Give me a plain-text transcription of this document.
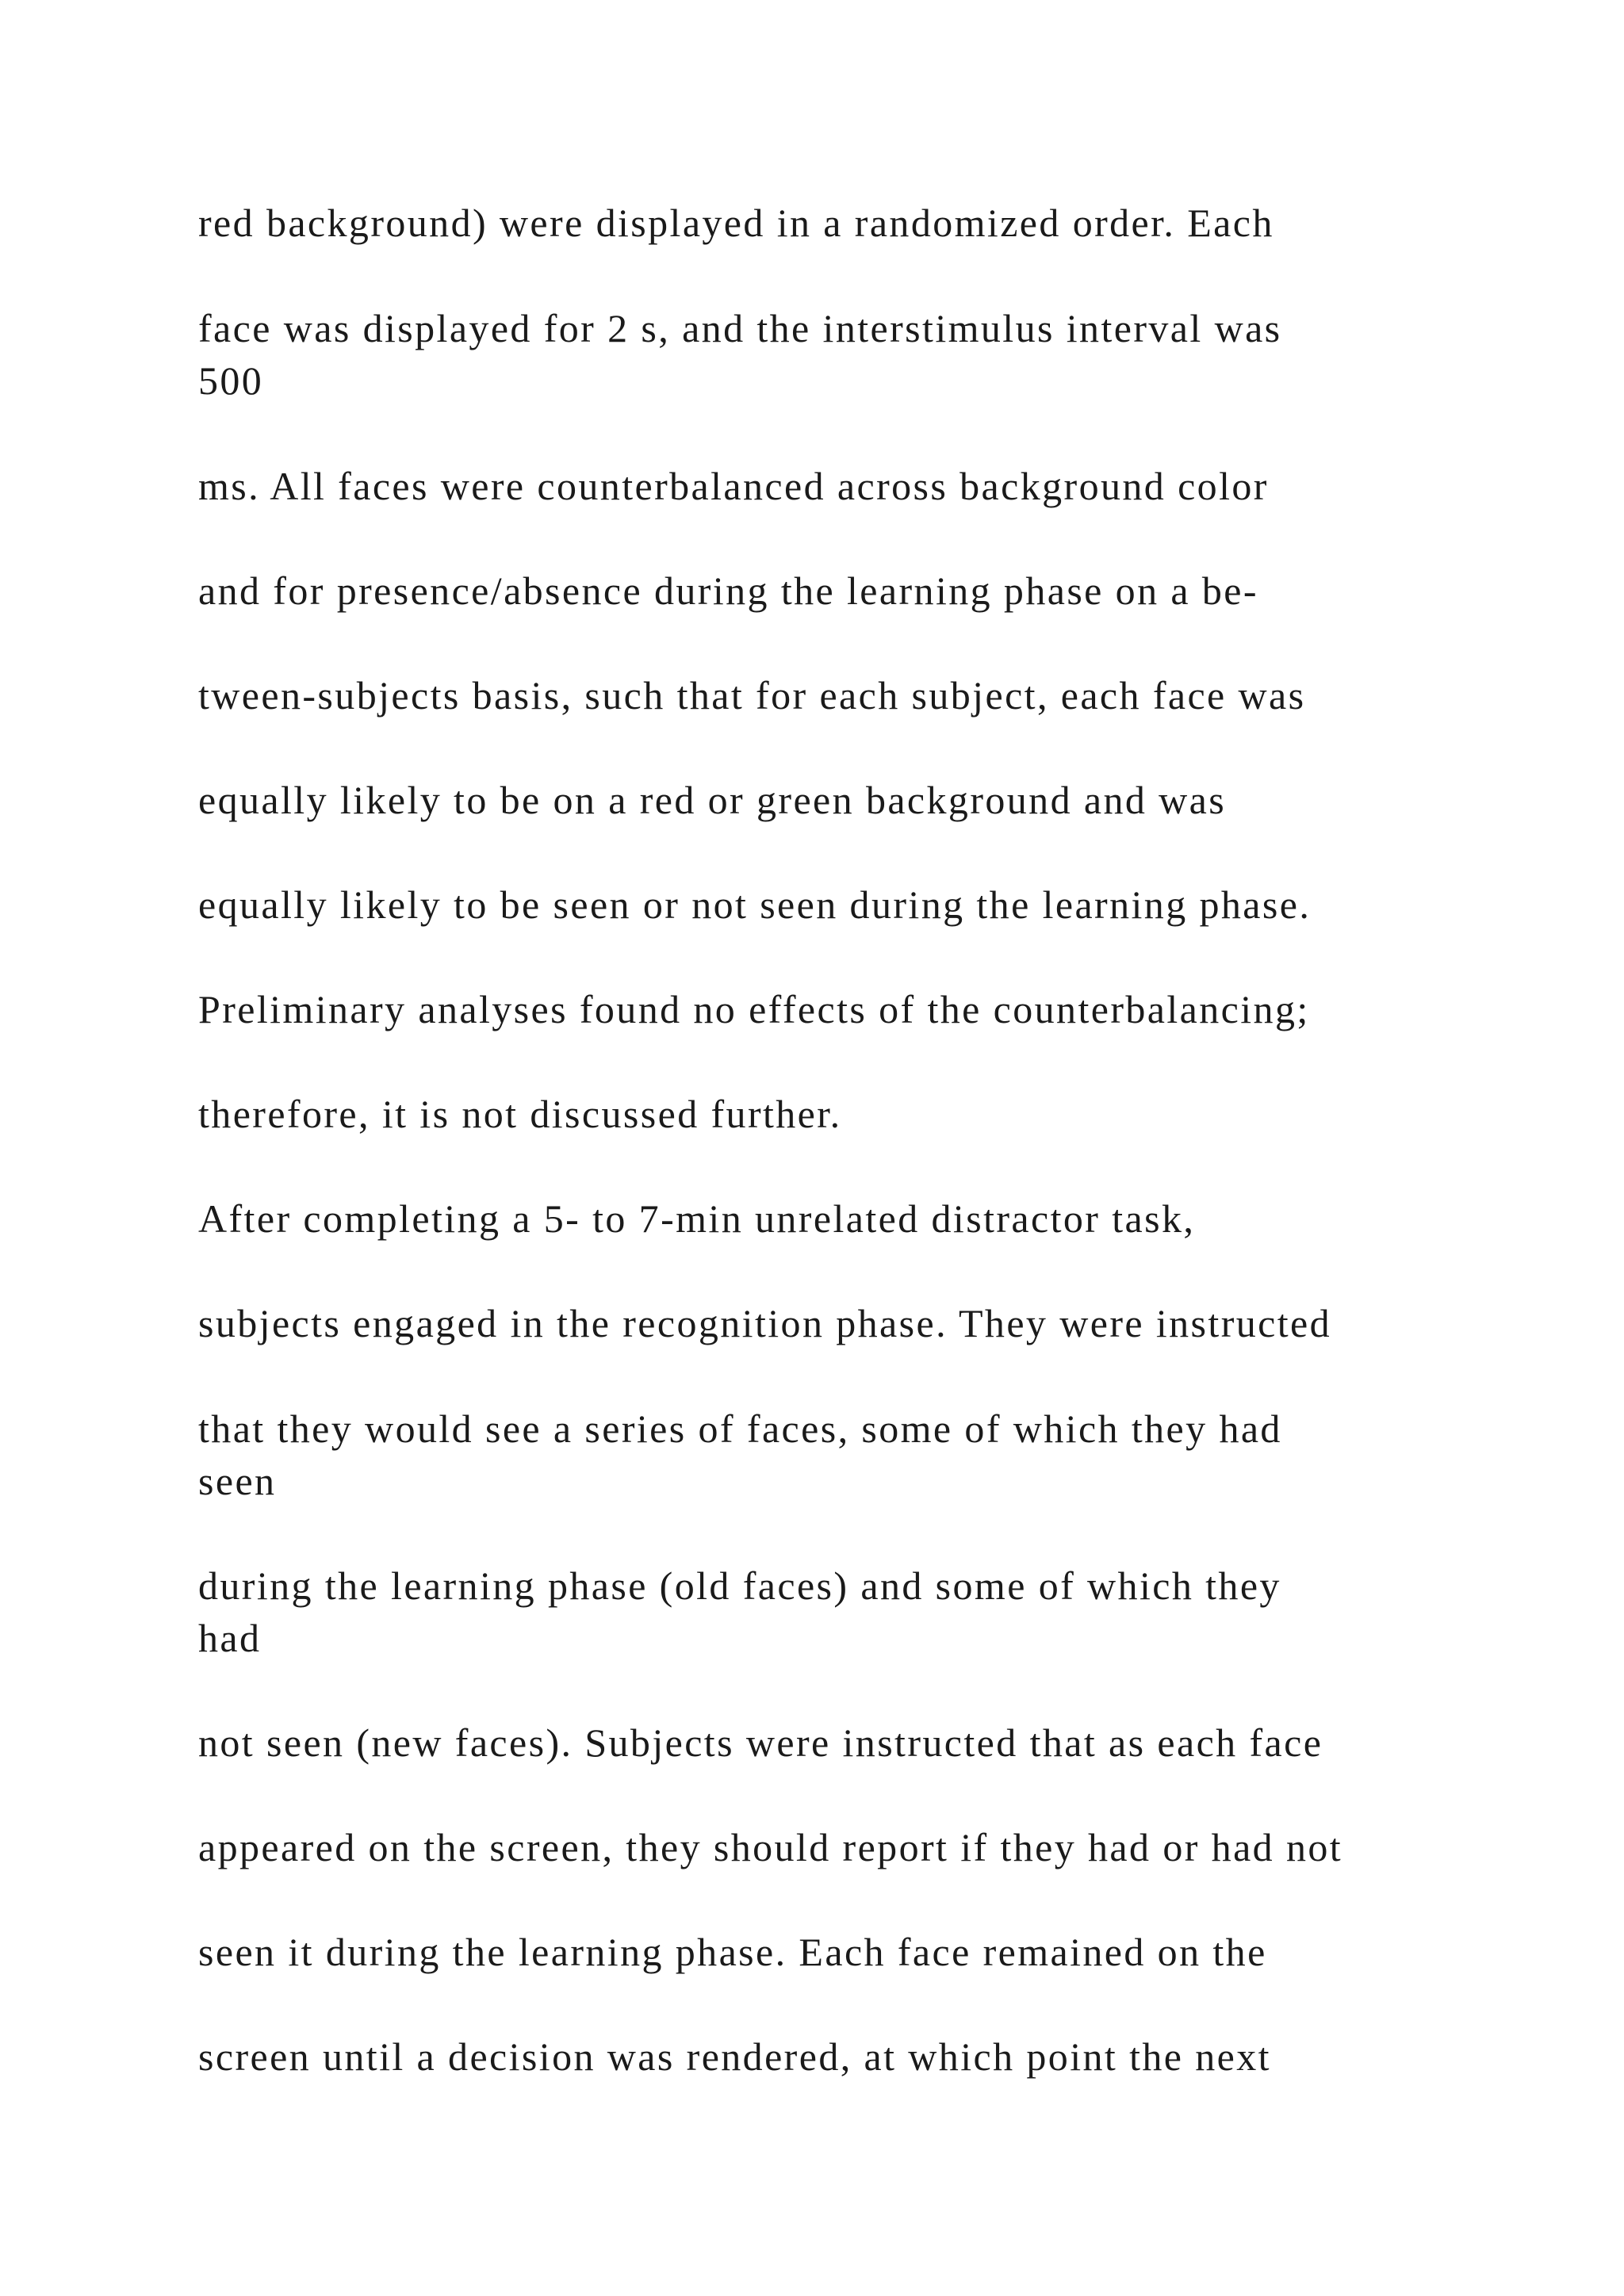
red background) were displayed in a randomized order. Each

face was displayed for 2 s, and the interstimulus interval was

500

ms. All faces were counterbalanced across background color

and for presence/absence during the learning phase on a be-

tween-subjects basis, such that for each subject, each face was

equally likely to be on a red or green background and was

equally likely to be seen or not seen during the learning phase.

Preliminary analyses found no effects of the counterbalancing;

therefore, it is not discussed further.

After completing a 5- to 7-min unrelated distractor task,

subjects engaged in the recognition phase. They were instructed

that they would see a series of faces, some of which they had

seen

during the learning phase (old faces) and some of which they

had

not seen (new faces). Subjects were instructed that as each face

appeared on the screen, they should report if they had or had not

seen it during the learning phase. Each face remained on the

screen until a decision was rendered, at which point the next
